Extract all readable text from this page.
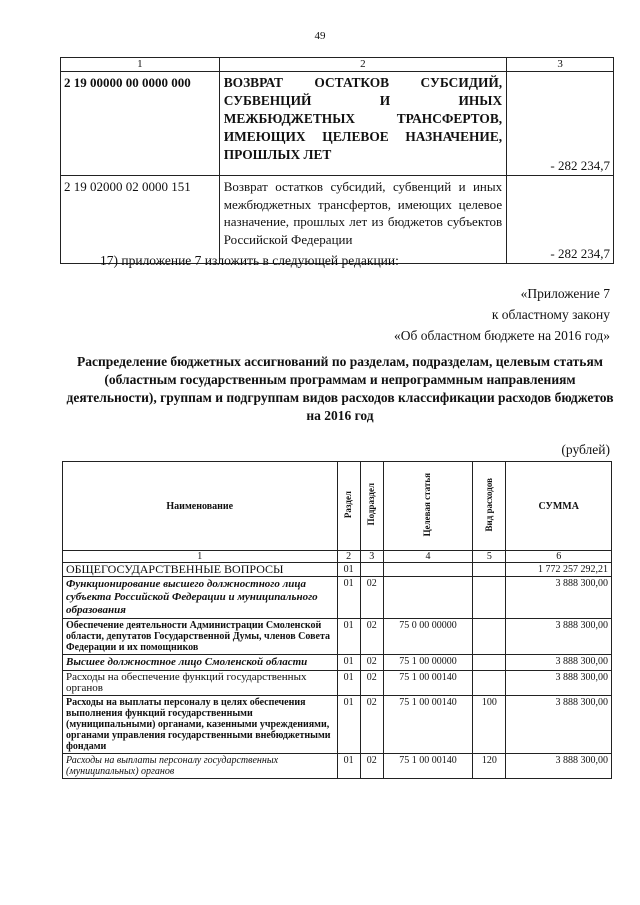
49
1	2	3
2 19 00000 00 0000 000	ВОЗВРАТ ОСТАТКОВ СУБСИДИЙ, СУБВЕНЦИЙ И ИНЫХ МЕЖБЮДЖЕТНЫХ ТРАНСФЕРТОВ, ИМЕЮЩИХ ЦЕЛЕВОЕ НАЗНАЧЕНИЕ, ПРОШЛЫХ ЛЕТ	- 282 234,7
2 19 02000 02 0000 151	Возврат остатков субсидий, субвенций и иных межбюджетных трансфертов, имеющих целевое назначение, прошлых лет из бюджетов субъектов Российской Федерации	- 282 234,7
17) приложение 7 изложить в следующей редакции:
«Приложение 7
к областному закону
«Об областном бюджете на 2016 год»
Распределение бюджетных ассигнований по разделам, подразделам, целевым статьям (областным государственным программам и непрограммным направлениям деятельности), группам и подгруппам видов расходов классификации расходов бюджетов на 2016 год
(рублей)
Наименование	Раздел	Подраздел	Целевая статья	Вид расходов	СУММА
1	2	3	4	5	6
ОБЩЕГОСУДАРСТВЕННЫЕ ВОПРОСЫ	01				1 772 257 292,21
Функционирование высшего должностного лица субъекта Российской Федерации и муниципального образования	01	02			3 888 300,00
Обеспечение деятельности Администрации Смоленской области, депутатов Государственной Думы, членов Совета Федерации и их помощников	01	02	75 0 00 00000		3 888 300,00
Высшее должностное лицо Смоленской области	01	02	75 1 00 00000		3 888 300,00
Расходы на обеспечение функций государственных органов	01	02	75 1 00 00140		3 888 300,00
Расходы на выплаты персоналу в целях обеспечения выполнения функций государственными (муниципальными) органами, казенными учреждениями, органами управления государственными внебюджетными фондами	01	02	75 1 00 00140	100	3 888 300,00
Расходы на выплаты персоналу государственных (муниципальных) органов	01	02	75 1 00 00140	120	3 888 300,00
